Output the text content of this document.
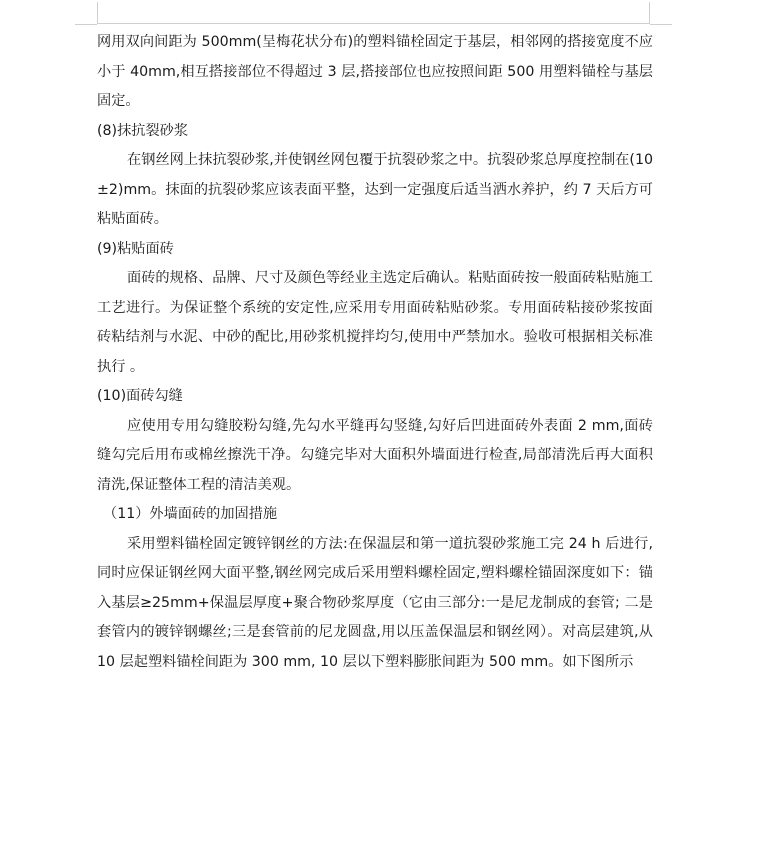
网用双向间距为 500mm(呈梅花状分布)的塑料锚栓固定于基层，相邻网的搭接宽度不应小于 40mm,相互搭接部位不得超过 3 层,搭接部位也应按照间距 500 用塑料锚栓与基层固定。

(8)抹抗裂砂浆

在钢丝网上抹抗裂砂浆,并使钢丝网包覆于抗裂砂浆之中。抗裂砂浆总厚度控制在(10 ±2)mm。抹面的抗裂砂浆应该表面平整，达到一定强度后适当洒水养护，约 7 天后方可粘贴面砖。

(9)粘贴面砖

面砖的规格、品牌、尺寸及颜色等经业主选定后确认。粘贴面砖按一般面砖粘贴施工工艺进行。为保证整个系统的安定性,应采用专用面砖粘贴砂浆。专用面砖粘接砂浆按面砖粘结剂与水泥、中砂的配比,用砂浆机搅拌均匀,使用中严禁加水。验收可根据相关标准执行 。

(10)面砖勾缝

应使用专用勾缝胶粉勾缝,先勾水平缝再勾竖缝,勾好后凹进面砖外表面 2 mm,面砖缝勾完后用布或棉丝擦洗干净。勾缝完毕对大面积外墙面进行检查,局部清洗后再大面积清洗,保证整体工程的清洁美观。

（11）外墙面砖的加固措施

采用塑料锚栓固定镀锌钢丝的方法:在保温层和第一道抗裂砂浆施工完 24 h 后进行,同时应保证钢丝网大面平整,钢丝网完成后采用塑料螺栓固定,塑料螺栓锚固深度如下：锚入基层≥25mm+保温层厚度+聚合物砂浆厚度（它由三部分:一是尼龙制成的套管; 二是套管内的镀锌钢螺丝;三是套管前的尼龙圆盘,用以压盖保温层和钢丝网）。对高层建筑,从 10 层起塑料锚栓间距为 300 mm, 10 层以下塑料膨胀间距为 500 mm。如下图所示
